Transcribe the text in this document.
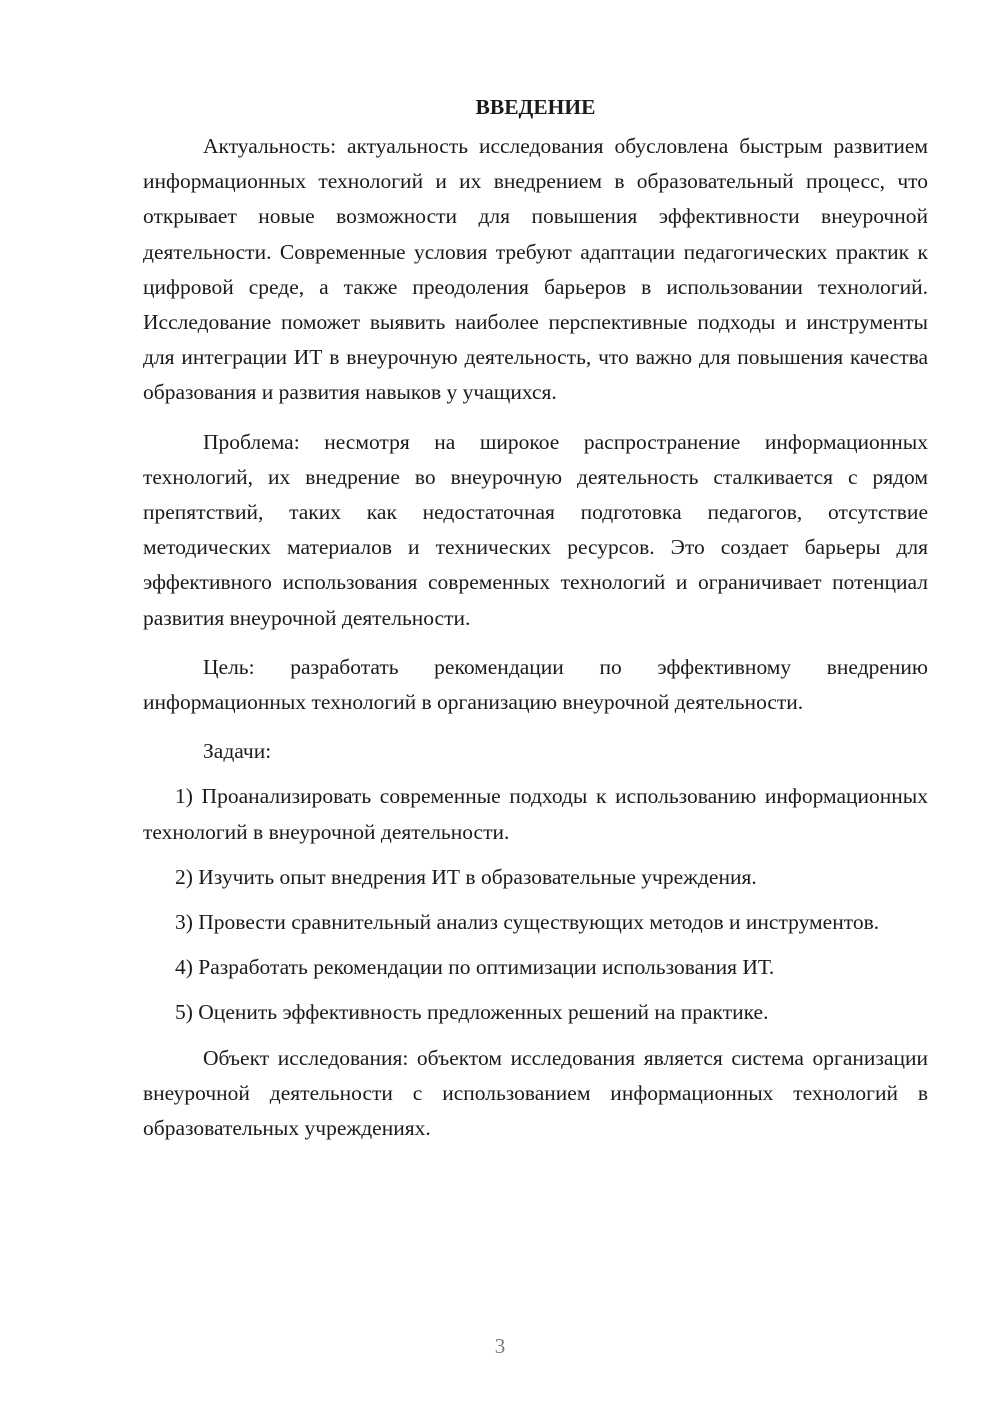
ВВЕДЕНИЕ

Актуальность: актуальность исследования обусловлена быстрым развитием информационных технологий и их внедрением в образовательный процесс, что открывает новые возможности для повышения эффективности внеурочной деятельности. Современные условия требуют адаптации педагогических практик к цифровой среде, а также преодоления барьеров в использовании технологий. Исследование поможет выявить наиболее перспективные подходы и инструменты для интеграции ИТ в внеурочную деятельность, что важно для повышения качества образования и развития навыков у учащихся.

Проблема: несмотря на широкое распространение информационных технологий, их внедрение во внеурочную деятельность сталкивается с рядом препятствий, таких как недостаточная подготовка педагогов, отсутствие методических материалов и технических ресурсов. Это создает барьеры для эффективного использования современных технологий и ограничивает потенциал развития внеурочной деятельности.

Цель: разработать рекомендации по эффективному внедрению информационных технологий в организацию внеурочной деятельности.

Задачи:

1) Проанализировать современные подходы к использованию информационных технологий в внеурочной деятельности.

2) Изучить опыт внедрения ИТ в образовательные учреждения.

3) Провести сравнительный анализ существующих методов и инструментов.

4) Разработать рекомендации по оптимизации использования ИТ.

5) Оценить эффективность предложенных решений на практике.

Объект исследования: объектом исследования является система организации внеурочной деятельности с использованием информационных технологий в образовательных учреждениях.

3
